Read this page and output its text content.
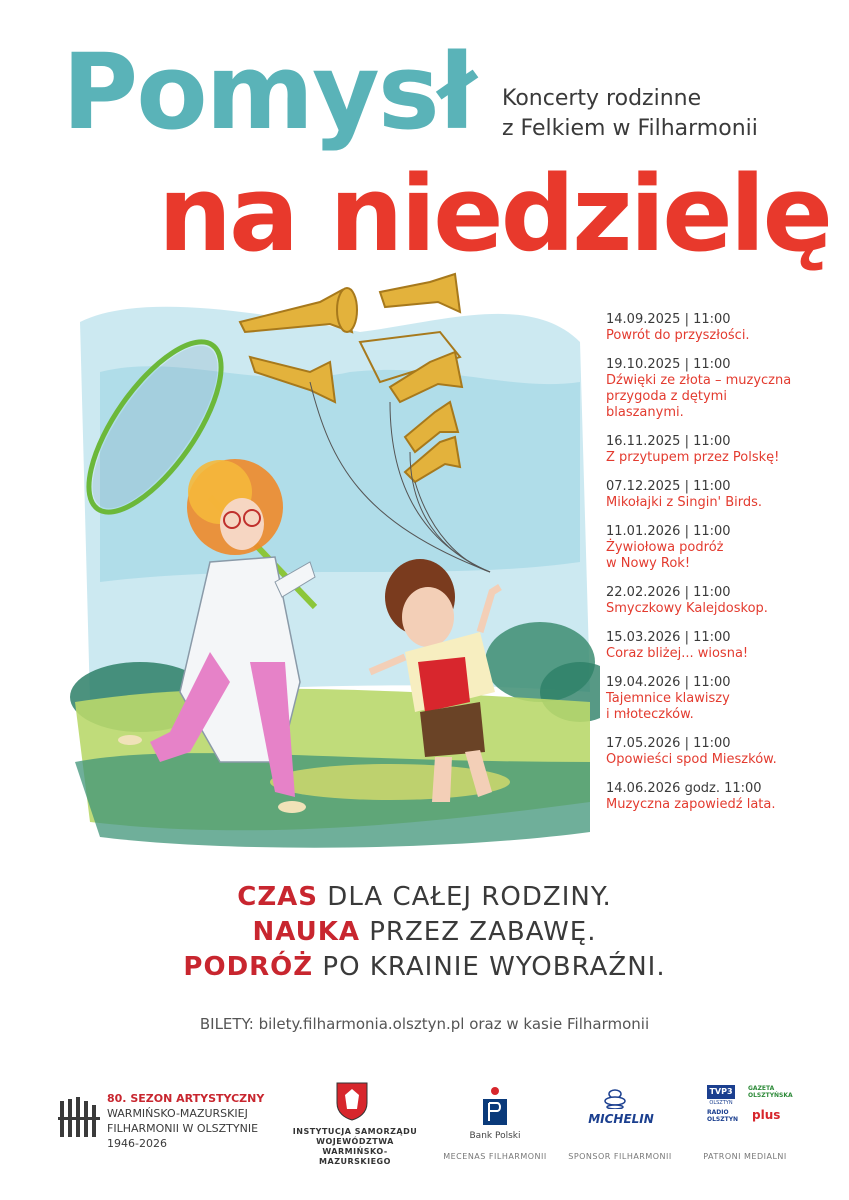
Pomysł
na niedzielę
Koncerty rodzinne
z Felkiem w Filharmonii
14.09.2025 | 11:00
Powrót do przyszłości.
19.10.2025 | 11:00
Dźwięki ze złota – muzyczna
przygoda z dętymi
blaszanymi.
16.11.2025 | 11:00
Z przytupem przez Polskę!
07.12.2025 | 11:00
Mikołajki z Singin' Birds.
11.01.2026 | 11:00
Żywiołowa podróż
w Nowy Rok!
22.02.2026 | 11:00
Smyczkowy Kalejdoskop.
15.03.2026 | 11:00
Coraz bliżej... wiosna!
19.04.2026 | 11:00
Tajemnice klawiszy
i młoteczków.
17.05.2026 | 11:00
Opowieści spod Mieszków.
14.06.2026 godz. 11:00
Muzyczna zapowiedź lata.
CZAS DLA CAŁEJ RODZINY.
NAUKA PRZEZ ZABAWĘ.
PODRÓŻ PO KRAINIE WYOBRAŹNI.
BILETY: bilety.filharmonia.olsztyn.pl oraz w kasie Filharmonii
80. SEZON ARTYSTYCZNY
WARMIŃSKO-MAZURSKIEJ
FILHARMONII W OLSZTYNIE
1946-2026
INSTYTUCJA SAMORZĄDU
WOJEWÓDZTWA
WARMIŃSKO-MAZURSKIEGO
Bank Polski
MECENAS FILHARMONII
MICHELIN
SPONSOR FILHARMONII
TVP3
OLSZTYN
GAZETA OLSZTYŃSKA
RADIO OLSZTYN plus
PATRONI MEDIALNI
